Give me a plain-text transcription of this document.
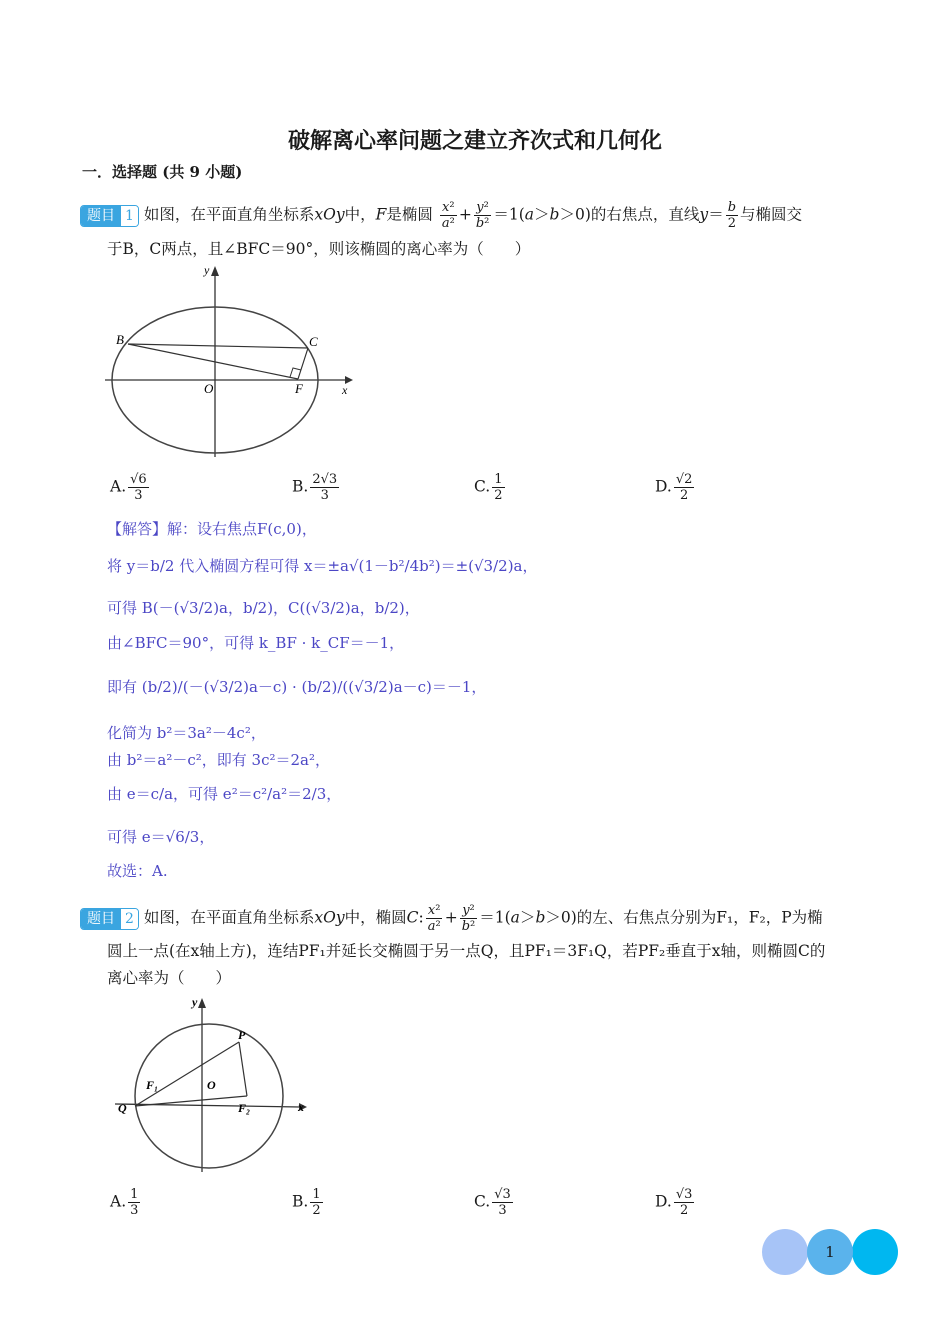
破解离心率问题之建立齐次式和几何化
一．选择题 (共 9 小题)
题目 1 如图，在平面直角坐标系xOy中，F是椭圆 $\frac{\text{x²}}{\text{a²}} + \frac{\text{y²}}{\text{b²}} =1(a>b>0)$的右焦点，直线$y= \frac{b}{2}$ 与椭圆交
于B，C两点，且∠BFC＝90°，则该椭圆的离心率为（　　）
y
x
B	C
O	F
A. $\frac{√6}{3}$	B. $\frac{2√3}{3}$	C. $\frac{1}{2}$	D. $\frac{√2}{2}$
【解答】解：设右焦点F(c,0)，
将 y＝b/2 代入椭圆方程可得 x＝±a√(1－b²/4b²)＝±(√3/2)a，
可得 B(－(√3/2)a，b/2)，C((√3/2)a，b/2)，
由∠BFC＝90°，可得 k_BF · k_CF＝－1，
即有 (b/2)/(－(√3/2)a－c) · (b/2)/((√3/2)a－c)＝－1，
化简为 b²＝3a²－4c²，
由 b²＝a²－c²，即有 3c²＝2a²，
由 e＝c/a，可得 e²＝c²/a²＝2/3，
可得 e＝√6/3，
故选：A.
题目 2 如图，在平面直角坐标系xOy中，椭圆C: $\frac{\text{x²}}{\text{a²}} + \frac{\text{y²}}{\text{b²}} =1(a>b>0)$的左、右焦点分别为F₁，F₂，P为椭
圆上一点(在x轴上方)，连结PF₁并延长交椭圆于另一点Q，且PF₁＝3F₁Q，若PF₂垂直于x轴，则椭圆C的
离心率为（　　）
y
x
P
O
F₁
F₂
Q
A. $\frac{1}{3}$	B. $\frac{1}{2}$	C. $\frac{√3}{3}$	D. $\frac{√3}{2}$
1
